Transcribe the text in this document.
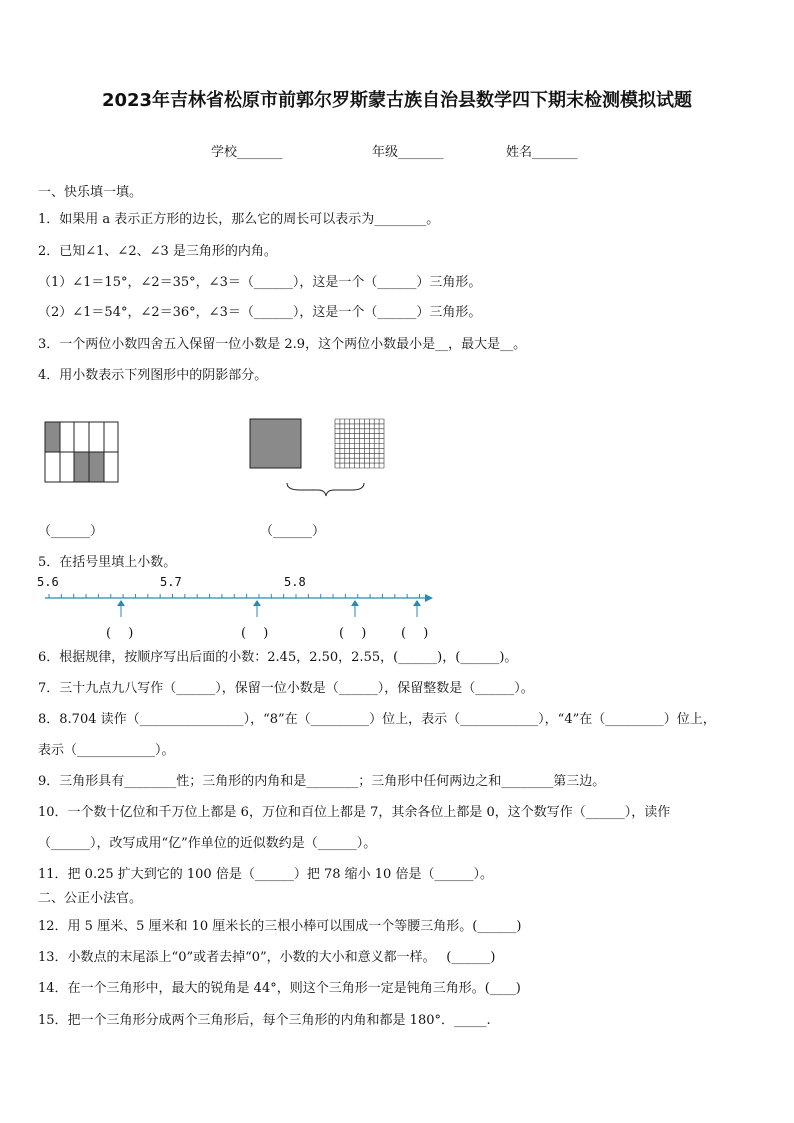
2023年吉林省松原市前郭尔罗斯蒙古族自治县数学四下期末检测模拟试题
学校_______	年级_______	姓名_______
一、快乐填一填。
1．如果用 a 表示正方形的边长，那么它的周长可以表示为________。
2．已知∠1、∠2、∠3 是三角形的内角。
（1）∠1＝15°，∠2＝35°，∠3＝（______），这是一个（______）三角形。
（2）∠1＝54°，∠2＝36°，∠3＝（______），这是一个（______）三角形。
3．一个两位小数四舍五入保留一位小数是 2.9，这个两位小数最小是__，最大是__。
4．用小数表示下列图形中的阴影部分。
（______）	（______）
5．在括号里填上小数。
5.6	5.7	5.8
(　 )	(　 )	(　 )	(　 )
6．根据规律，按顺序写出后面的小数：2.45，2.50，2.55，(______)，(______)。
7．三十九点九八写作（______），保留一位小数是（______），保留整数是（______）。
8．8.704 读作（________________），“8”在（_________）位上，表示（____________），“4”在（_________）位上，
表示（____________）。
9．三角形具有________性；三角形的内角和是________；三角形中任何两边之和________第三边。
10．一个数十亿位和千万位上都是 6，万位和百位上都是 7，其余各位上都是 0，这个数写作（______），读作
（______），改写成用“亿”作单位的近似数约是（______）。
11．把 0.25 扩大到它的 100 倍是（______）把 78 缩小 10 倍是（______）。
二、公正小法官。
12．用 5 厘米、5 厘米和 10 厘米长的三根小棒可以围成一个等腰三角形。(______)
13．小数点的末尾添上“0”或者去掉“0”，小数的大小和意义都一样。　 (______)
14．在一个三角形中，最大的锐角是 44°，则这个三角形一定是钝角三角形。(____)
15．把一个三角形分成两个三角形后，每个三角形的内角和都是 180°．_____.
